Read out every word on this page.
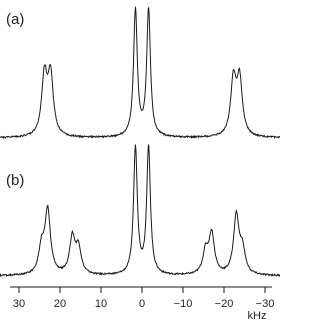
(a)
(b)
30	20	10	0	−10 −20 −30
kHz
